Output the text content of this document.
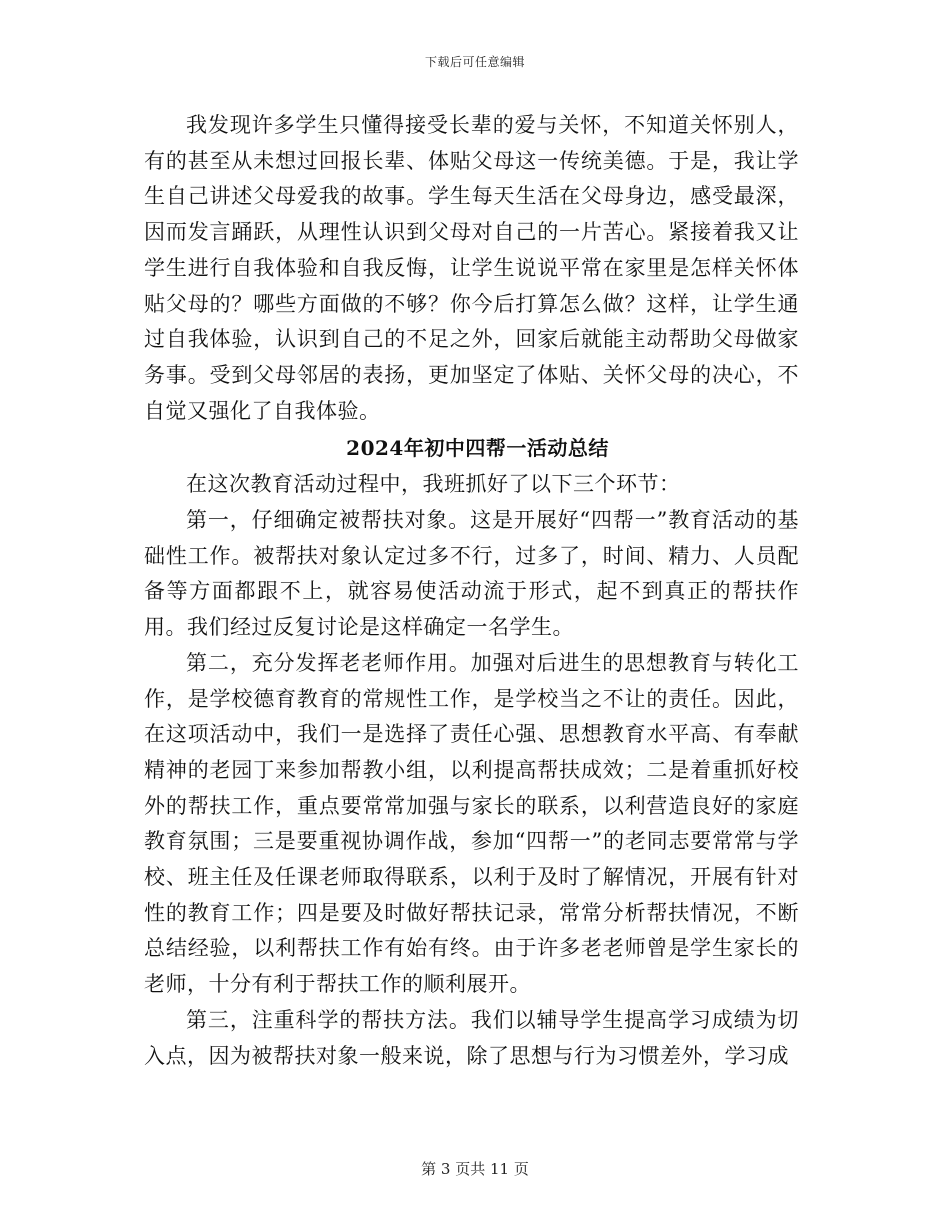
下载后可任意编辑

我发现许多学生只懂得接受长辈的爱与关怀，不知道关怀别人，有的甚至从未想过回报长辈、体贴父母这一传统美德。于是，我让学生自己讲述父母爱我的故事。学生每天生活在父母身边，感受最深，因而发言踊跃，从理性认识到父母对自己的一片苦心。紧接着我又让学生进行自我体验和自我反悔，让学生说说平常在家里是怎样关怀体贴父母的？哪些方面做的不够？你今后打算怎么做？这样，让学生通过自我体验，认识到自己的不足之外，回家后就能主动帮助父母做家务事。受到父母邻居的表扬，更加坚定了体贴、关怀父母的决心，不自觉又强化了自我体验。

2024年初中四帮一活动总结

在这次教育活动过程中，我班抓好了以下三个环节：

第一，仔细确定被帮扶对象。这是开展好“四帮一”教育活动的基础性工作。被帮扶对象认定过多不行，过多了，时间、精力、人员配备等方面都跟不上，就容易使活动流于形式，起不到真正的帮扶作用。我们经过反复讨论是这样确定一名学生。

第二，充分发挥老老师作用。加强对后进生的思想教育与转化工作，是学校德育教育的常规性工作，是学校当之不让的责任。因此，在这项活动中，我们一是选择了责任心强、思想教育水平高、有奉献精神的老园丁来参加帮教小组，以利提高帮扶成效；二是着重抓好校外的帮扶工作，重点要常常加强与家长的联系，以利营造良好的家庭教育氛围；三是要重视协调作战，参加“四帮一”的老同志要常常与学校、班主任及任课老师取得联系，以利于及时了解情况，开展有针对性的教育工作；四是要及时做好帮扶记录，常常分析帮扶情况，不断总结经验，以利帮扶工作有始有终。由于许多老老师曾是学生家长的老师，十分有利于帮扶工作的顺利展开。

第三，注重科学的帮扶方法。我们以辅导学生提高学习成绩为切入点，因为被帮扶对象一般来说，除了思想与行为习惯差外，学习成

第 3 页共 11 页
